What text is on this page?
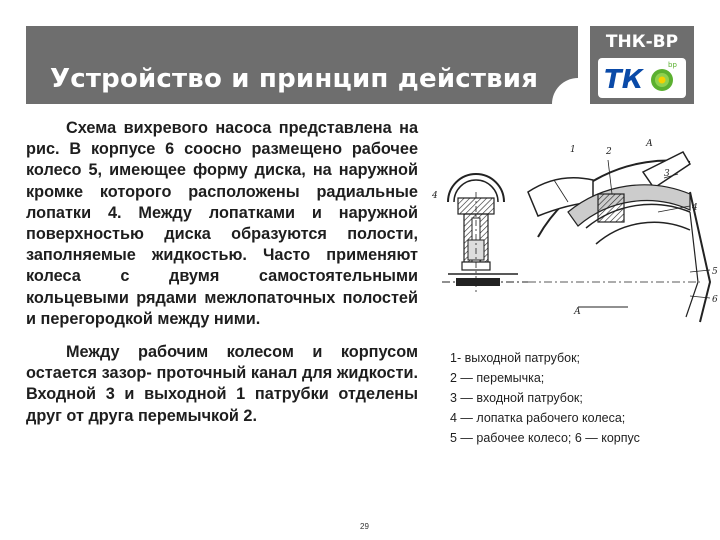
Устройство и принцип действия
ТНК-ВР
ТК	bp

Схема вихревого насоса представлена на рис. В корпусе 6 соосно размещено рабочее колесо 5, имеющее форму диска, на наружной кромке которого расположены радиальные лопатки 4. Между лопатками и наружной поверхностью диска образуются полости, заполняемые жидкостью. Часто применяют колеса с двумя самостоятельными кольцевыми рядами межлопаточных полостей и перегородкой между ними.

Между рабочим колесом и корпусом остается зазор- проточный канал для жидкости. Входной 3 и выходной 1 патрубки отделены друг от друга перемычкой 2.

1	2
3
4
5
6
А
А
4
1- выходной патрубок;
2 — перемычка;
3 — входной патрубок;
4 — лопатка рабочего колеса;
5 — рабочее колесо; 6 — корпус
29
